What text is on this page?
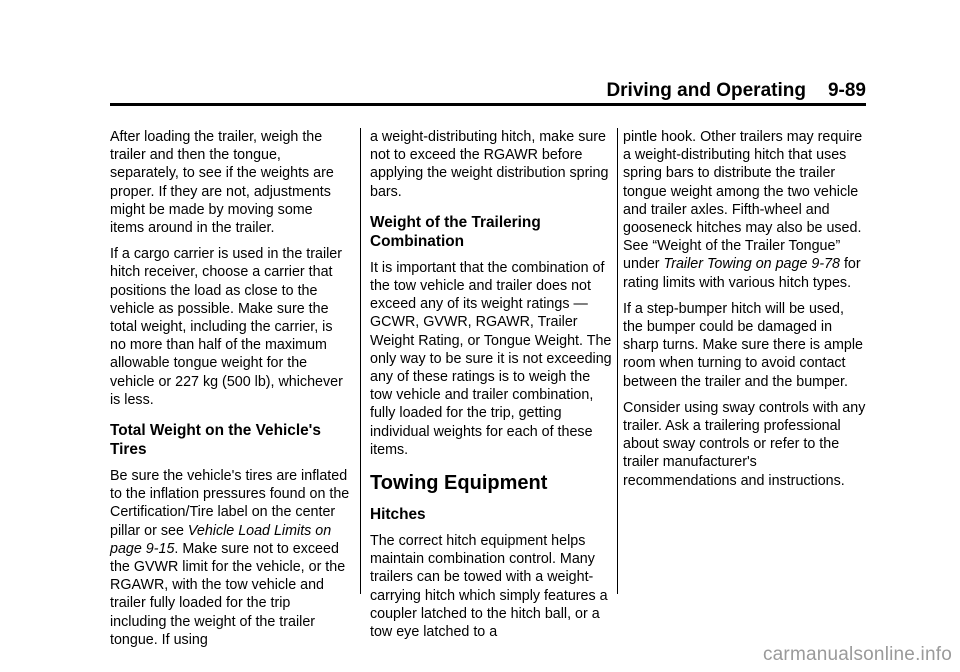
Driving and Operating 9-89

After loading the trailer, weigh the trailer and then the tongue, separately, to see if the weights are proper. If they are not, adjustments might be made by moving some items around in the trailer.

If a cargo carrier is used in the trailer hitch receiver, choose a carrier that positions the load as close to the vehicle as possible. Make sure the total weight, including the carrier, is no more than half of the maximum allowable tongue weight for the vehicle or 227 kg (500 lb), whichever is less.

Total Weight on the Vehicle's Tires

Be sure the vehicle's tires are inflated to the inflation pressures found on the Certification/Tire label on the center pillar or see Vehicle Load Limits on page 9-15. Make sure not to exceed the GVWR limit for the vehicle, or the RGAWR, with the tow vehicle and trailer fully loaded for the trip including the weight of the trailer tongue. If using

a weight-distributing hitch, make sure not to exceed the RGAWR before applying the weight distribution spring bars.

Weight of the Trailering Combination

It is important that the combination of the tow vehicle and trailer does not exceed any of its weight ratings — GCWR, GVWR, RGAWR, Trailer Weight Rating, or Tongue Weight. The only way to be sure it is not exceeding any of these ratings is to weigh the tow vehicle and trailer combination, fully loaded for the trip, getting individual weights for each of these items.

Towing Equipment
Hitches

The correct hitch equipment helps maintain combination control. Many trailers can be towed with a weight-carrying hitch which simply features a coupler latched to the hitch ball, or a tow eye latched to a

pintle hook. Other trailers may require a weight-distributing hitch that uses spring bars to distribute the trailer tongue weight among the two vehicle and trailer axles. Fifth-wheel and gooseneck hitches may also be used. See “Weight of the Trailer Tongue” under Trailer Towing on page 9-78 for rating limits with various hitch types.

If a step-bumper hitch will be used, the bumper could be damaged in sharp turns. Make sure there is ample room when turning to avoid contact between the trailer and the bumper.

Consider using sway controls with any trailer. Ask a trailering professional about sway controls or refer to the trailer manufacturer's recommendations and instructions.

carmanualsonline.info
